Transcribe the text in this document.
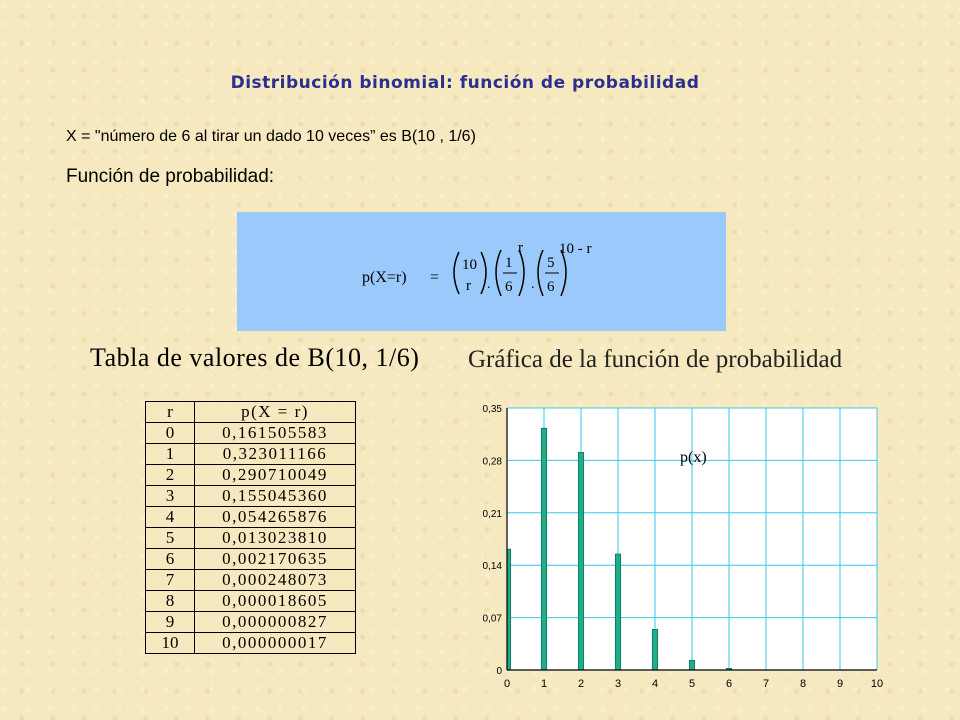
Distribución binomial: función de probabilidad
X = "número de 6 al tirar un dado 10 veces” es B(10 , 1/6)
Función de probabilidad:
p(X=r) =
10
r .
1
6
r
.
5
6
10 - r
Tabla de valores de B(10, 1/6) Gráfica de la función de probabilidad
r	p(X = r)
0	0,161505583
1	0,323011166
2	0,290710049
3	0,155045360
4	0,054265876
5	0,013023810
6	0,002170635
7	0,000248073
8	0,000018605
9	0,000000827
10	0,000000017
0
0,07
0,14
0,21
0,28
0,35
0	1	2	3	4	5	6	7	8	9	10
p(x)
